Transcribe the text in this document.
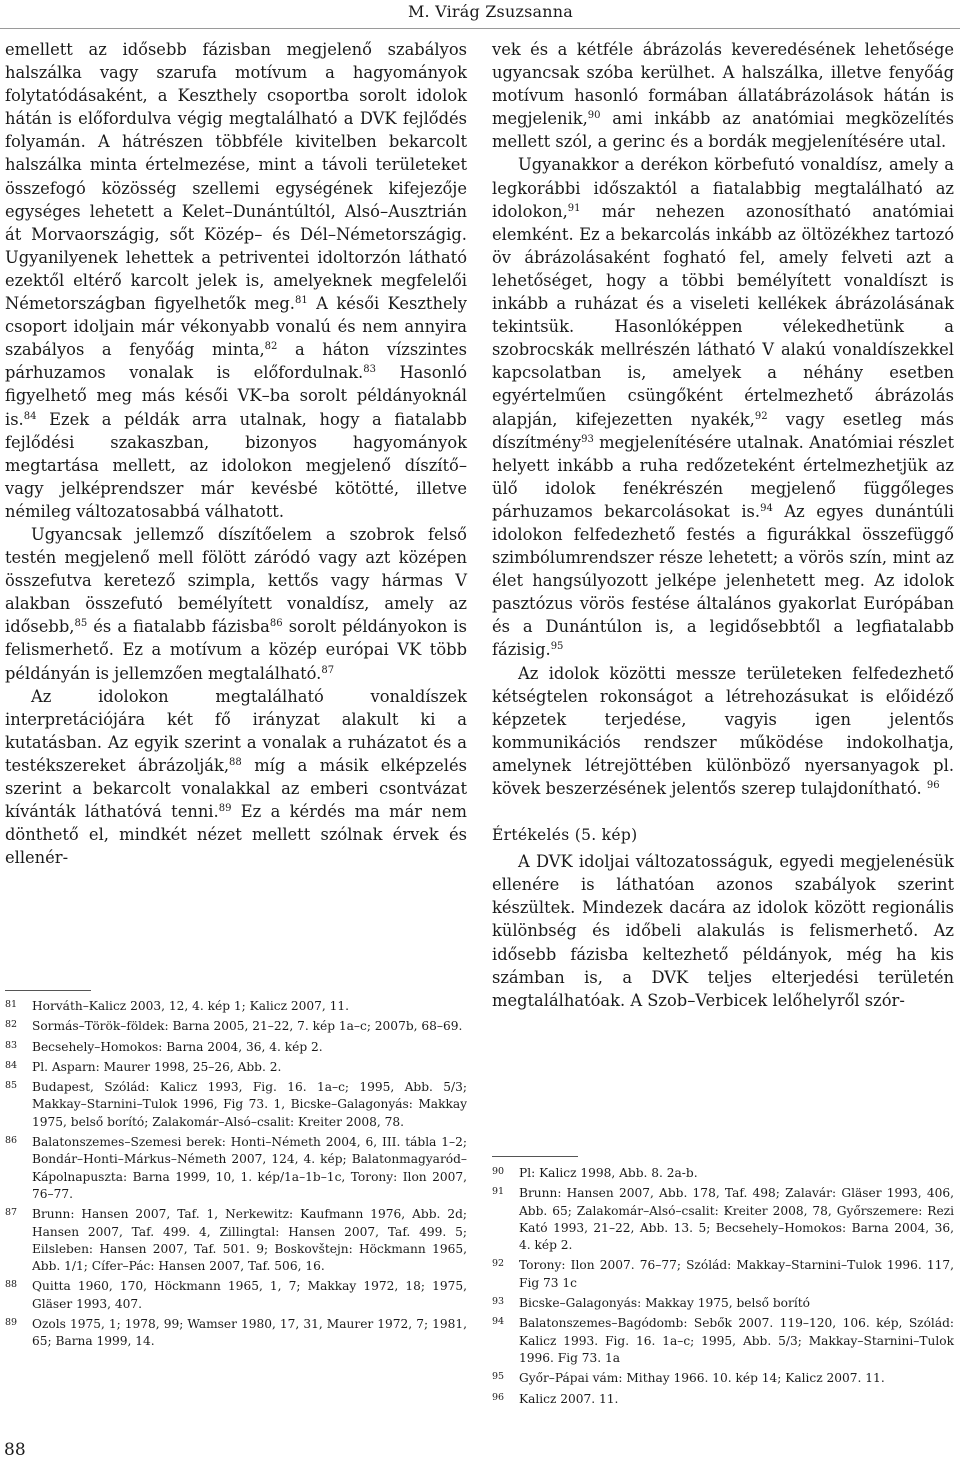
M. Virág Zsuzsanna

emellett az idősebb fázisban megjelenő szabályos halszálka vagy szarufa motívum a hagyományok folytatódásaként, a Keszthely csoportba sorolt idolok hátán is előfordulva végig megtalálható a DVK fejlődés folyamán. A hátrészen többféle kivitelben bekarcolt halszálka minta értelmezése, mint a távoli területeket összefogó közösség szellemi egységének kifejezője egységes lehetett a Kelet–Dunántúltól, Alsó–Ausztrián át Morvaországig, sőt Közép– és Dél–Németországig. Ugyanilyenek lehettek a petriventei idoltorzón látható ezektől eltérő karcolt jelek is, amelyeknek megfelelői Németországban figyelhetők meg.$^{81}$ A késői Keszthely csoport idoljain már vékonyabb vonalú és nem annyira szabályos a fenyőág minta,$^{82}$ a háton vízszintes párhuzamos vonalak is előfordulnak.$^{83}$ Hasonló figyelhető meg más késői VK–ba sorolt példányoknál is.$^{84}$ Ezek a példák arra utalnak, hogy a fiatalabb fejlődési szakaszban, bizonyos hagyományok megtartása mellett, az idolokon megjelenő díszítő– vagy jelképrendszer már kevésbé kötötté, illetve némileg változatosabbá válhatott.

Ugyancsak jellemző díszítőelem a szobrok felső testén megjelenő mell fölött záródó vagy azt középen összefutva keretező szimpla, kettős vagy hármas V alakban összefutó bemélyített vonaldísz, amely az idősebb,$^{85}$ és a fiatalabb fázisba$^{86}$ sorolt példányokon is felismerhető. Ez a motívum a közép európai VK több példányán is jellemzően megtalálható.$^{87}$

Az idolokon megtalálható vonaldíszek interpretációjára két fő irányzat alakult ki a kutatásban. Az egyik szerint a vonalak a ruházatot és a testékszereket ábrázolják,$^{88}$ míg a másik elképzelés szerint a bekarcolt vonalakkal az emberi csontvázat kívánták láthatóvá tenni.$^{89}$ Ez a kérdés ma már nem dönthető el, mindkét nézet mellett szólnak érvek és ellenér-

vek és a kétféle ábrázolás keveredésének lehetősége ugyancsak szóba kerülhet. A halszálka, illetve fenyőág motívum hasonló formában állatábrázolások hátán is megjelenik,$^{90}$ ami inkább az anatómiai megközelítés mellett szól, a gerinc és a bordák megjelenítésére utal.

Ugyanakkor a derékon körbefutó vonaldísz, amely a legkorábbi időszaktól a fiatalabbig megtalálható az idolokon,$^{91}$ már nehezen azonosítható anatómiai elemként. Ez a bekarcolás inkább az öltözékhez tartozó öv ábrázolásaként fogható fel, amely felveti azt a lehetőséget, hogy a többi bemélyített vonaldíszt is inkább a ruházat és a viseleti kellékek ábrázolásának tekintsük. Hasonlóképpen vélekedhetünk a szobrocskák mellrészén látható V alakú vonaldíszekkel kapcsolatban is, amelyek a néhány esetben egyértelműen csüngőként értelmezhető ábrázolás alapján, kifejezetten nyakék,$^{92}$ vagy esetleg más díszítmény$^{93}$ megjelenítésére utalnak. Anatómiai részlet helyett inkább a ruha redőzeteként értelmezhetjük az ülő idolok fenékrészén megjelenő függőleges párhuzamos bekarcolásokat is.$^{94}$ Az egyes dunántúli idolokon felfedezhető festés a figurákkal összefüggő szimbólumrendszer része lehetett; a vörös szín, mint az élet hangsúlyozott jelképe jelenhetett meg. Az idolok pasztózus vörös festése általános gyakorlat Európában és a Dunántúlon is, a legidősebbtől a legfiatalabb fázisig.$^{95}$

Az idolok közötti messze területeken felfedezhető kétségtelen rokonságot a létrehozásukat is előidéző képzetek terjedése, vagyis igen jelentős kommunikációs rendszer működése indokolhatja, amelynek létrejöttében különböző nyersanyagok pl. kövek beszerzésének jelentős szerep tulajdonítható. $^{96}$

Értékelés (5. kép)

A DVK idoljai változatosságuk, egyedi megjelenésük ellenére is láthatóan azonos szabályok szerint készültek. Mindezek dacára az idolok között regionális különbség és időbeli alakulás is felismerhető. Az idősebb fázisba keltezhető példányok, még ha kis számban is, a DVK teljes elterjedési területén megtalálhatóak. A Szob–Verbicek lelőhelyről szór-

81 Horváth–Kalicz 2003, 12, 4. kép 1; Kalicz 2007, 11.
82 Sormás–Török–földek: Barna 2005, 21–22, 7. kép 1a–c; 2007b, 68–69.
83 Becsehely–Homokos: Barna 2004, 36, 4. kép 2.
84 Pl. Asparn: Maurer 1998, 25–26, Abb. 2.
85 Budapest, Szólád: Kalicz 1993, Fig. 16. 1a–c; 1995, Abb. 5/3; Makkay–Starnini–Tulok 1996, Fig 73. 1, Bicske–Galagonyás: Makkay 1975, belső borító; Zalakomár–Alsó–csalit: Kreiter 2008, 78.
86 Balatonszemes–Szemesi berek: Honti–Németh 2004, 6, III. tábla 1–2; Bondár–Honti–Márkus–Németh 2007, 124, 4. kép; Balatonmagyaród–Kápolnapuszta: Barna 1999, 10, 1. kép/1a–1b–1c, Torony: Ilon 2007, 76–77.
87 Brunn: Hansen 2007, Taf. 1, Nerkewitz: Kaufmann 1976, Abb. 2d; Hansen 2007, Taf. 499. 4, Zillingtal: Hansen 2007, Taf. 499. 5; Eilsleben: Hansen 2007, Taf. 501. 9; Boskovštejn: Höckmann 1965, Abb. 1/1; Cífer–Pác: Hansen 2007, Taf. 506, 16.
88 Quitta 1960, 170, Höckmann 1965, 1, 7; Makkay 1972, 18; 1975, Gläser 1993, 407.
89 Ozols 1975, 1; 1978, 99; Wamser 1980, 17, 31, Maurer 1972, 7; 1981, 65; Barna 1999, 14.
90 Pl: Kalicz 1998, Abb. 8. 2a-b.
91 Brunn: Hansen 2007, Abb. 178, Taf. 498; Zalavár: Gläser 1993, 406, Abb. 65; Zalakomár–Alsó–csalit: Kreiter 2008, 78, Győrszemere: Rezi Kató 1993, 21–22, Abb. 13. 5; Becsehely–Homokos: Barna 2004, 36, 4. kép 2.
92 Torony: Ilon 2007. 76–77; Szólád: Makkay–Starnini–Tulok 1996. 117, Fig 73 1c
93 Bicske–Galagonyás: Makkay 1975, belső borító
94 Balatonszemes–Bagódomb: Sebők 2007. 119–120, 106. kép, Szólád: Kalicz 1993. Fig. 16. 1a–c; 1995, Abb. 5/3; Makkay–Starnini–Tulok 1996. Fig 73. 1a
95 Győr–Pápai vám: Mithay 1966. 10. kép 14; Kalicz 2007. 11.
96 Kalicz 2007. 11.
88
